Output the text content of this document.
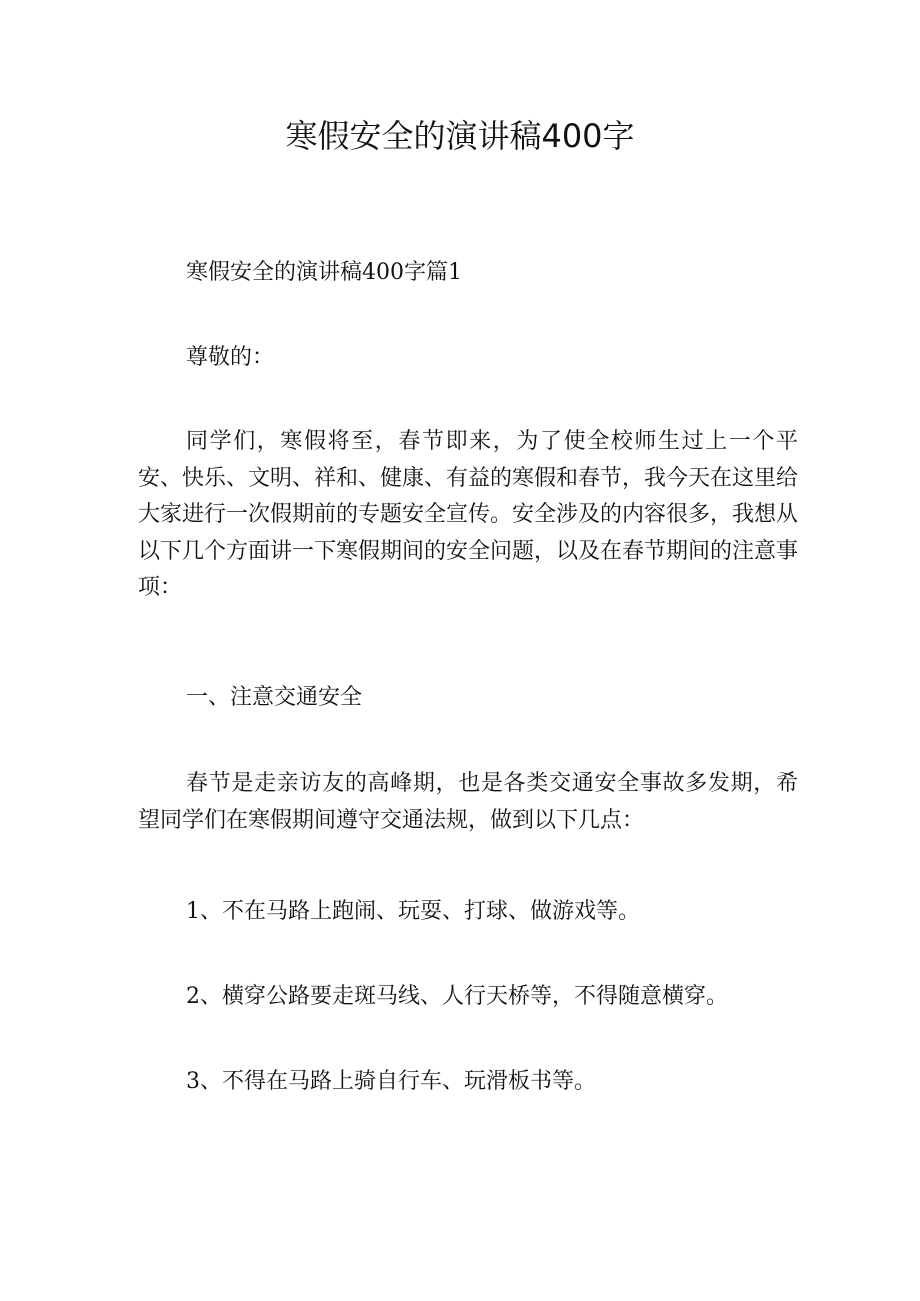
寒假安全的演讲稿400字

寒假安全的演讲稿400字篇1

尊敬的：

同学们，寒假将至，春节即来，为了使全校师生过上一个平安、快乐、文明、祥和、健康、有益的寒假和春节，我今天在这里给大家进行一次假期前的专题安全宣传。安全涉及的内容很多，我想从以下几个方面讲一下寒假期间的安全问题，以及在春节期间的注意事项：

一、注意交通安全

春节是走亲访友的高峰期，也是各类交通安全事故多发期，希望同学们在寒假期间遵守交通法规，做到以下几点：

1、不在马路上跑闹、玩耍、打球、做游戏等。

2、横穿公路要走斑马线、人行天桥等，不得随意横穿。

3、不得在马路上骑自行车、玩滑板书等。
